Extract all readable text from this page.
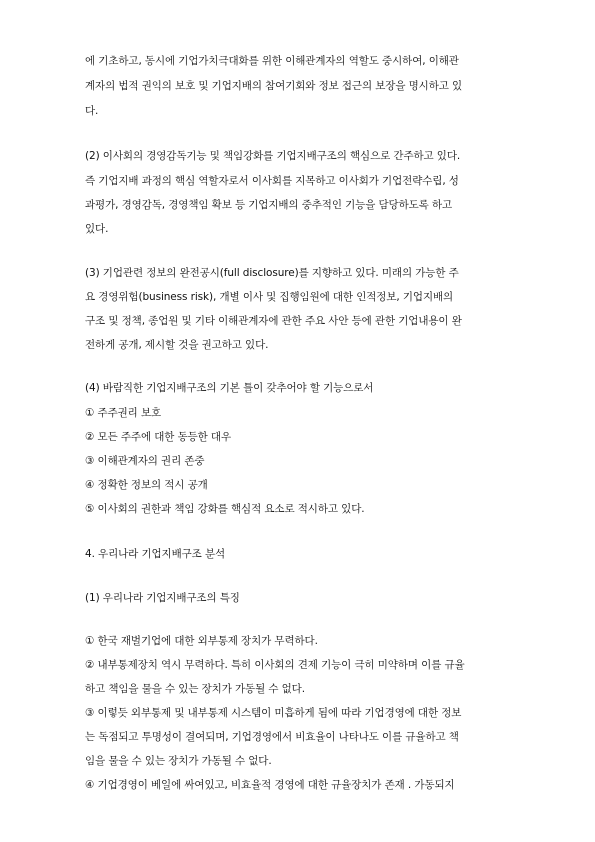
에 기초하고, 동시에 기업가치극대화를 위한 이해관계자의 역할도 중시하여, 이해관
계자의 법적 권익의 보호 및 기업지배의 참여기회와 정보 접근의 보장을 명시하고 있
다.
(2) 이사회의 경영감독기능 및 책임강화를 기업지배구조의 핵심으로 간주하고 있다.
즉 기업지배 과정의 핵심 역할자로서 이사회를 지목하고 이사회가 기업전략수립, 성
과평가, 경영감독, 경영책임 확보 등 기업지배의 중추적인 기능을 담당하도록 하고
있다.
(3) 기업관련 정보의 완전공시(full disclosure)를 지향하고 있다. 미래의 가능한 주
요 경영위험(business risk), 개별 이사 및 집행임원에 대한 인적정보, 기업지배의
구조 및 정책, 종업원 및 기타 이해관계자에 관한 주요 사안 등에 관한 기업내용이 완
전하게 공개, 제시할 것을 권고하고 있다.
(4) 바람직한 기업지배구조의 기본 틀이 갖추어야 할 기능으로서
① 주주권리 보호
② 모든 주주에 대한 동등한 대우
③ 이해관계자의 권리 존중
④ 정확한 정보의 적시 공개
⑤ 이사회의 권한과 책임 강화를 핵심적 요소로 적시하고 있다.
4. 우리나라 기업지배구조 분석
(1) 우리나라 기업지배구조의 특징
① 한국 재벌기업에 대한 외부통제 장치가 무력하다.
② 내부통제장치 역시 무력하다. 특히 이사회의 견제 기능이 극히 미약하며 이를 규율
하고 책임을 물을 수 있는 장치가 가동될 수 없다.
③ 이렇듯 외부통제 및 내부통제 시스템이 미흡하게 됨에 따라 기업경영에 대한 정보
는 독점되고 투명성이 결여되며, 기업경영에서 비효율이 나타나도 이를 규율하고 책
임을 물을 수 있는 장치가 가동될 수 없다.
④ 기업경영이 베일에 싸여있고, 비효율적 경영에 대한 규율장치가 존재 . 가동되지
